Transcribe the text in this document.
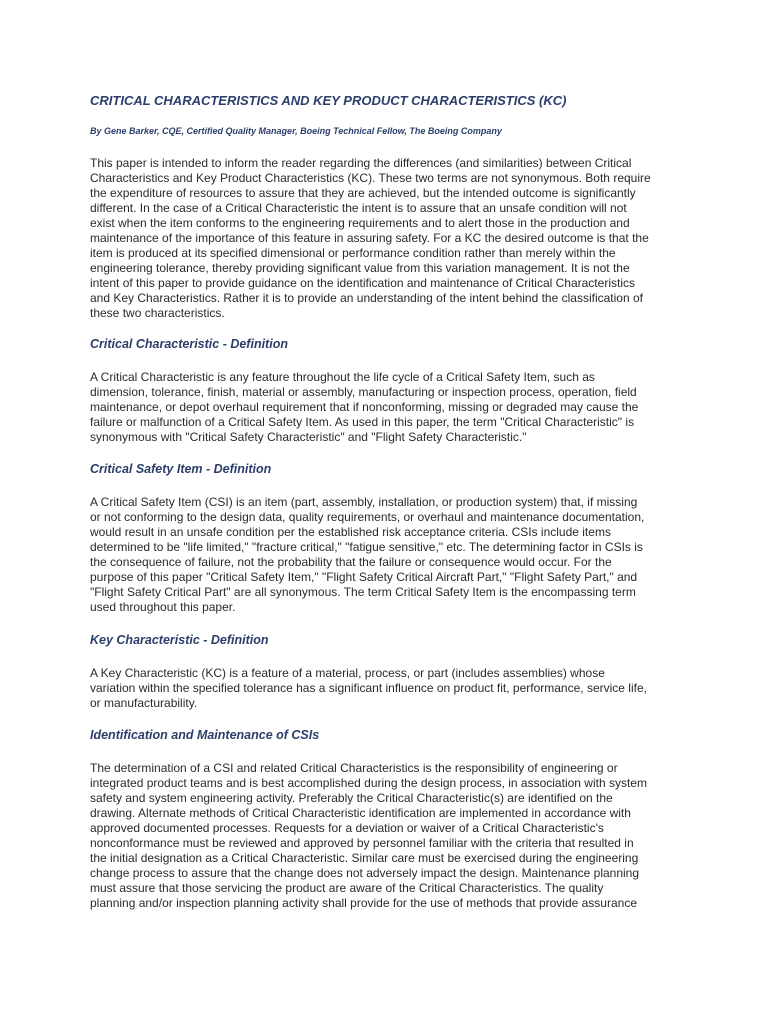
CRITICAL CHARACTERISTICS AND KEY PRODUCT CHARACTERISTICS (KC)

By Gene Barker, CQE, Certified Quality Manager, Boeing Technical Fellow, The Boeing Company

This paper is intended to inform the reader regarding the differences (and similarities) between Critical
Characteristics and Key Product Characteristics (KC). These two terms are not synonymous. Both require
the expenditure of resources to assure that they are achieved, but the intended outcome is significantly
different. In the case of a Critical Characteristic the intent is to assure that an unsafe condition will not
exist when the item conforms to the engineering requirements and to alert those in the production and
maintenance of the importance of this feature in assuring safety. For a KC the desired outcome is that the
item is produced at its specified dimensional or performance condition rather than merely within the
engineering tolerance, thereby providing significant value from this variation management. It is not the
intent of this paper to provide guidance on the identification and maintenance of Critical Characteristics
and Key Characteristics. Rather it is to provide an understanding of the intent behind the classification of
these two characteristics.
Critical Characteristic - Definition
A Critical Characteristic is any feature throughout the life cycle of a Critical Safety Item, such as
dimension, tolerance, finish, material or assembly, manufacturing or inspection process, operation, field
maintenance, or depot overhaul requirement that if nonconforming, missing or degraded may cause the
failure or malfunction of a Critical Safety Item. As used in this paper, the term "Critical Characteristic" is
synonymous with "Critical Safety Characteristic" and "Flight Safety Characteristic."
Critical Safety Item - Definition
A Critical Safety Item (CSI) is an item (part, assembly, installation, or production system) that, if missing
or not conforming to the design data, quality requirements, or overhaul and maintenance documentation,
would result in an unsafe condition per the established risk acceptance criteria. CSIs include items
determined to be "life limited," "fracture critical," "fatigue sensitive," etc. The determining factor in CSIs is
the consequence of failure, not the probability that the failure or consequence would occur. For the
purpose of this paper "Critical Safety Item," "Flight Safety Critical Aircraft Part," "Flight Safety Part," and
"Flight Safety Critical Part" are all synonymous. The term Critical Safety Item is the encompassing term
used throughout this paper.
Key Characteristic - Definition
A Key Characteristic (KC) is a feature of a material, process, or part (includes assemblies) whose
variation within the specified tolerance has a significant influence on product fit, performance, service life,
or manufacturability.
Identification and Maintenance of CSIs
The determination of a CSI and related Critical Characteristics is the responsibility of engineering or
integrated product teams and is best accomplished during the design process, in association with system
safety and system engineering activity. Preferably the Critical Characteristic(s) are identified on the
drawing. Alternate methods of Critical Characteristic identification are implemented in accordance with
approved documented processes. Requests for a deviation or waiver of a Critical Characteristic's
nonconformance must be reviewed and approved by personnel familiar with the criteria that resulted in
the initial designation as a Critical Characteristic. Similar care must be exercised during the engineering
change process to assure that the change does not adversely impact the design. Maintenance planning
must assure that those servicing the product are aware of the Critical Characteristics. The quality
planning and/or inspection planning activity shall provide for the use of methods that provide assurance
